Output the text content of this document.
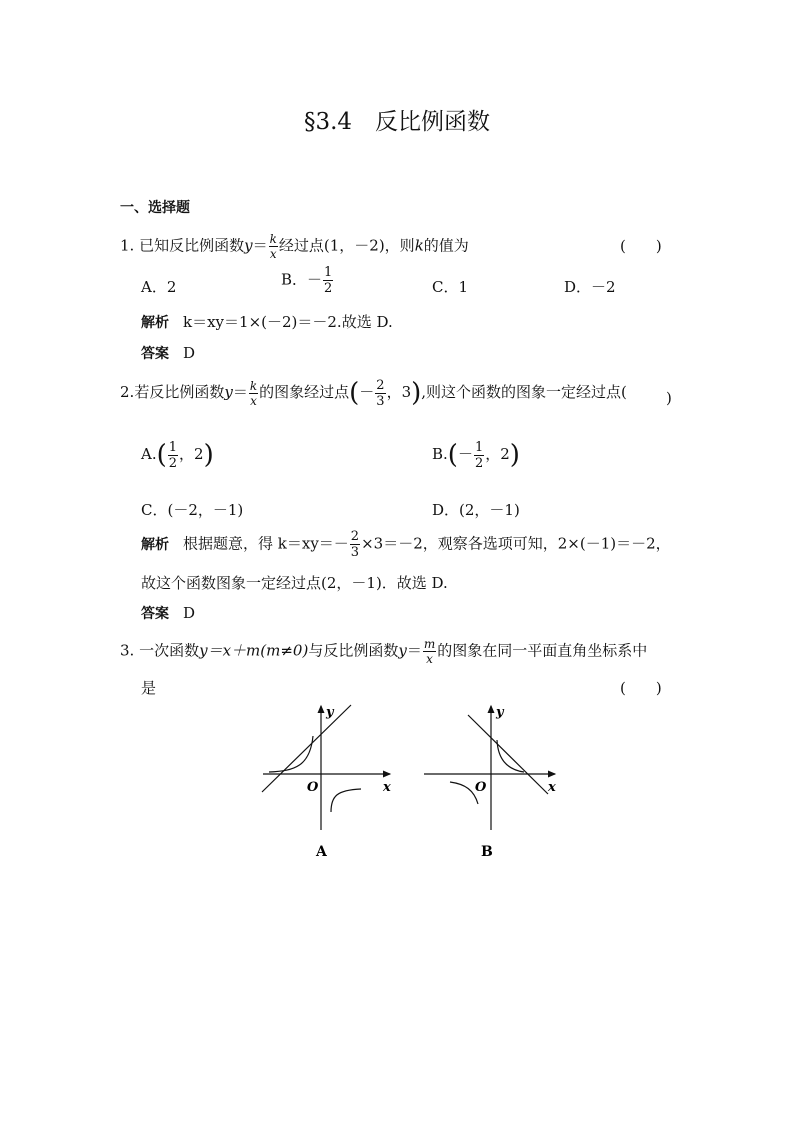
§3.4　反比例函数
一、选择题
1. 已知反比例函数$y= \frac{k}{x}$ 经过点(1，－2)，则k的值为	(　　)
A．2	B．－ $\frac{1}{2}$	C．1	D．－2
解析 k＝xy＝1×(－2)＝－2.故选 D.
答案 D
2.若反比例函数$y= \frac{k}{x}$ 的图象经过点(－ $\frac{2}{3}$ ，3),则这个函数的图象一定经过点(	)
$A.( \frac{1}{2}$ ，2)	$B.(- \frac{1}{2}$ ，2)
C．(－2，－1)	D．(2，－1)
解析 根据题意，得 $k=xy=- \frac{2}{3} \times 3=-2$，观察各选项可知，2×(－1)＝－2，
故这个函数图象一定经过点(2，－1)．故选 D.
答案 D
3. 一次函数y＝x＋m(m≠0)与反比例函数$y= \frac{m}{x}$ 的图象在同一平面直角坐标系中
是	(　　)
y
x
O
A
y
x
O
B
